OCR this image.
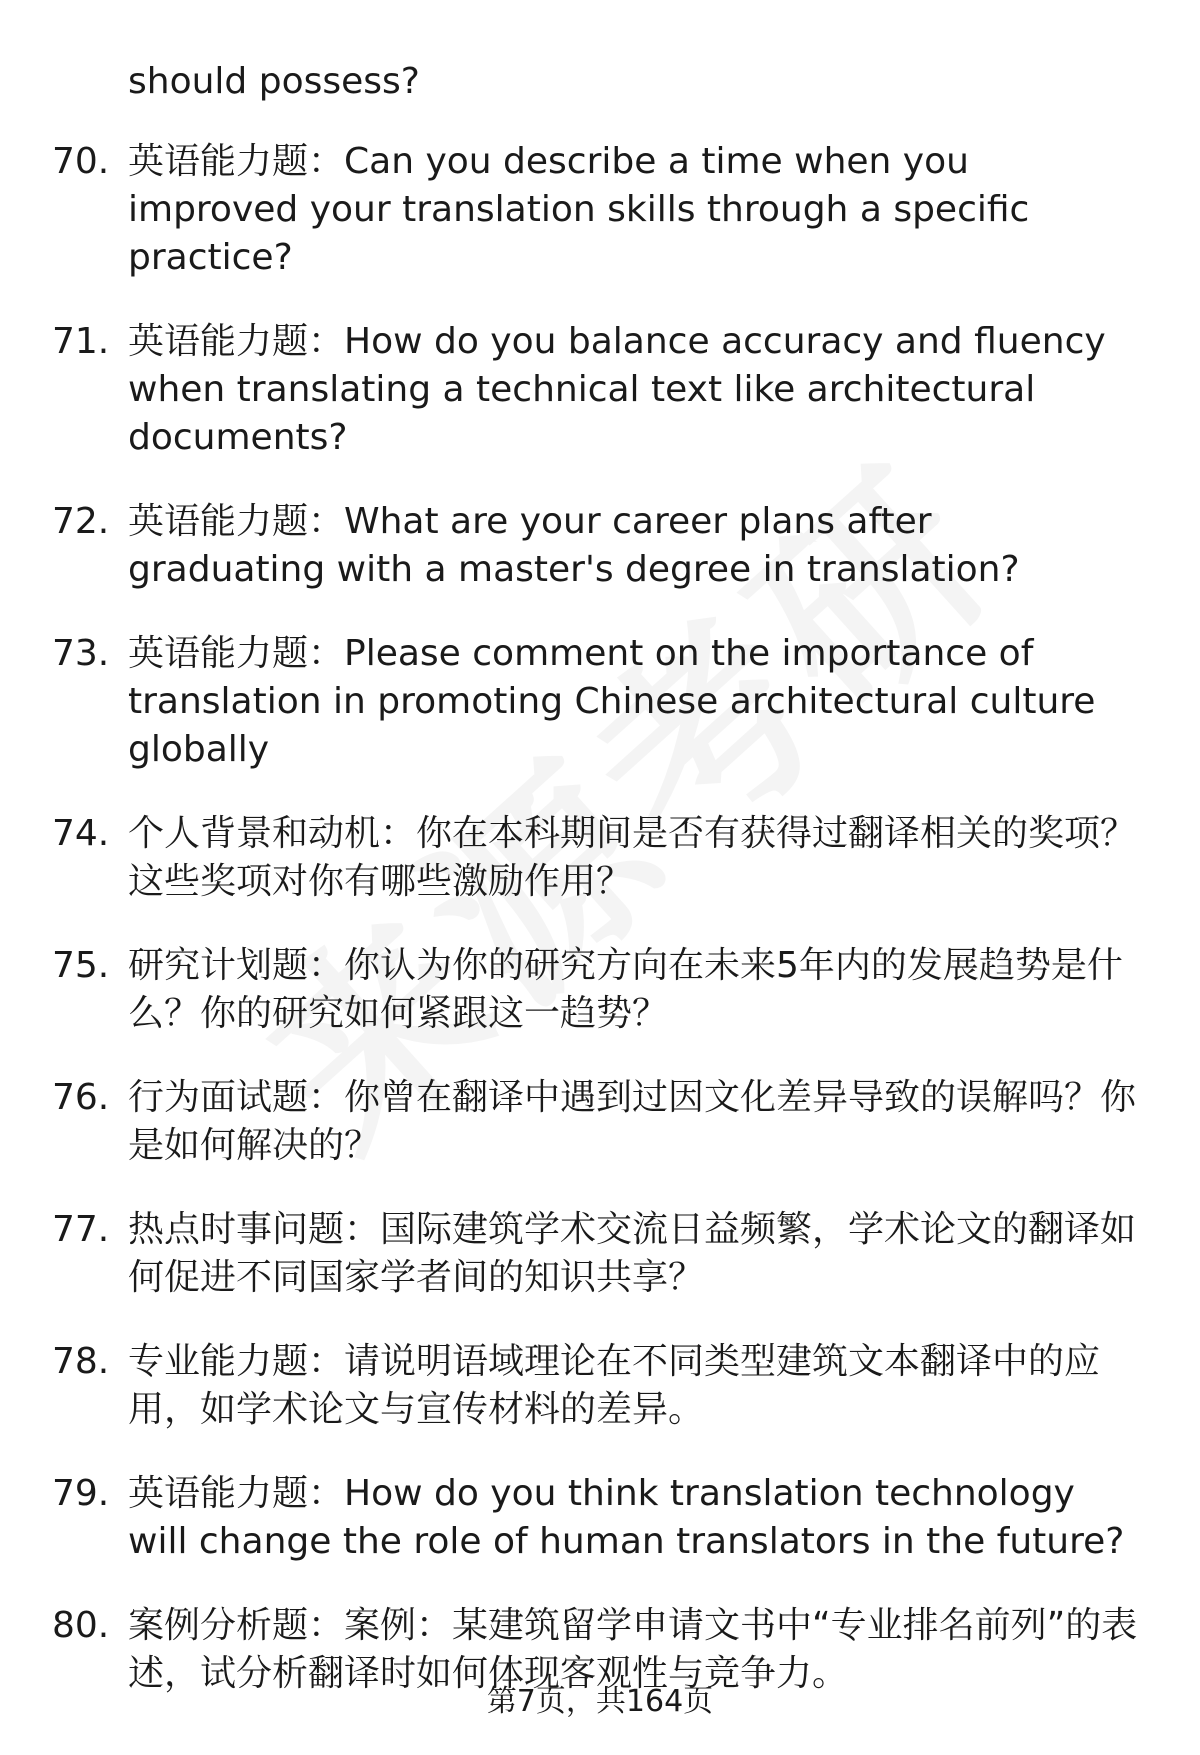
should possess?
70. 英语能力题：Can you describe a time when you improved your translation skills through a specific practice?
71. 英语能力题：How do you balance accuracy and fluency when translating a technical text like architectural documents?
72. 英语能力题：What are your career plans after graduating with a master's degree in translation?
73. 英语能力题：Please comment on the importance of translation in promoting Chinese architectural culture globally
74. 个人背景和动机：你在本科期间是否有获得过翻译相关的奖项？这些奖项对你有哪些激励作用？
75. 研究计划题：你认为你的研究方向在未来5年内的发展趋势是什么？你的研究如何紧跟这一趋势？
76. 行为面试题：你曾在翻译中遇到过因文化差异导致的误解吗？你是如何解决的？
77. 热点时事问题：国际建筑学术交流日益频繁，学术论文的翻译如何促进不同国家学者间的知识共享？
78. 专业能力题：请说明语域理论在不同类型建筑文本翻译中的应用，如学术论文与宣传材料的差异。
79. 英语能力题：How do you think translation technology will change the role of human translators in the future?
80. 案例分析题：案例：某建筑留学申请文书中“专业排名前列”的表述，试分析翻译时如何体现客观性与竞争力。
第7页，共164页
